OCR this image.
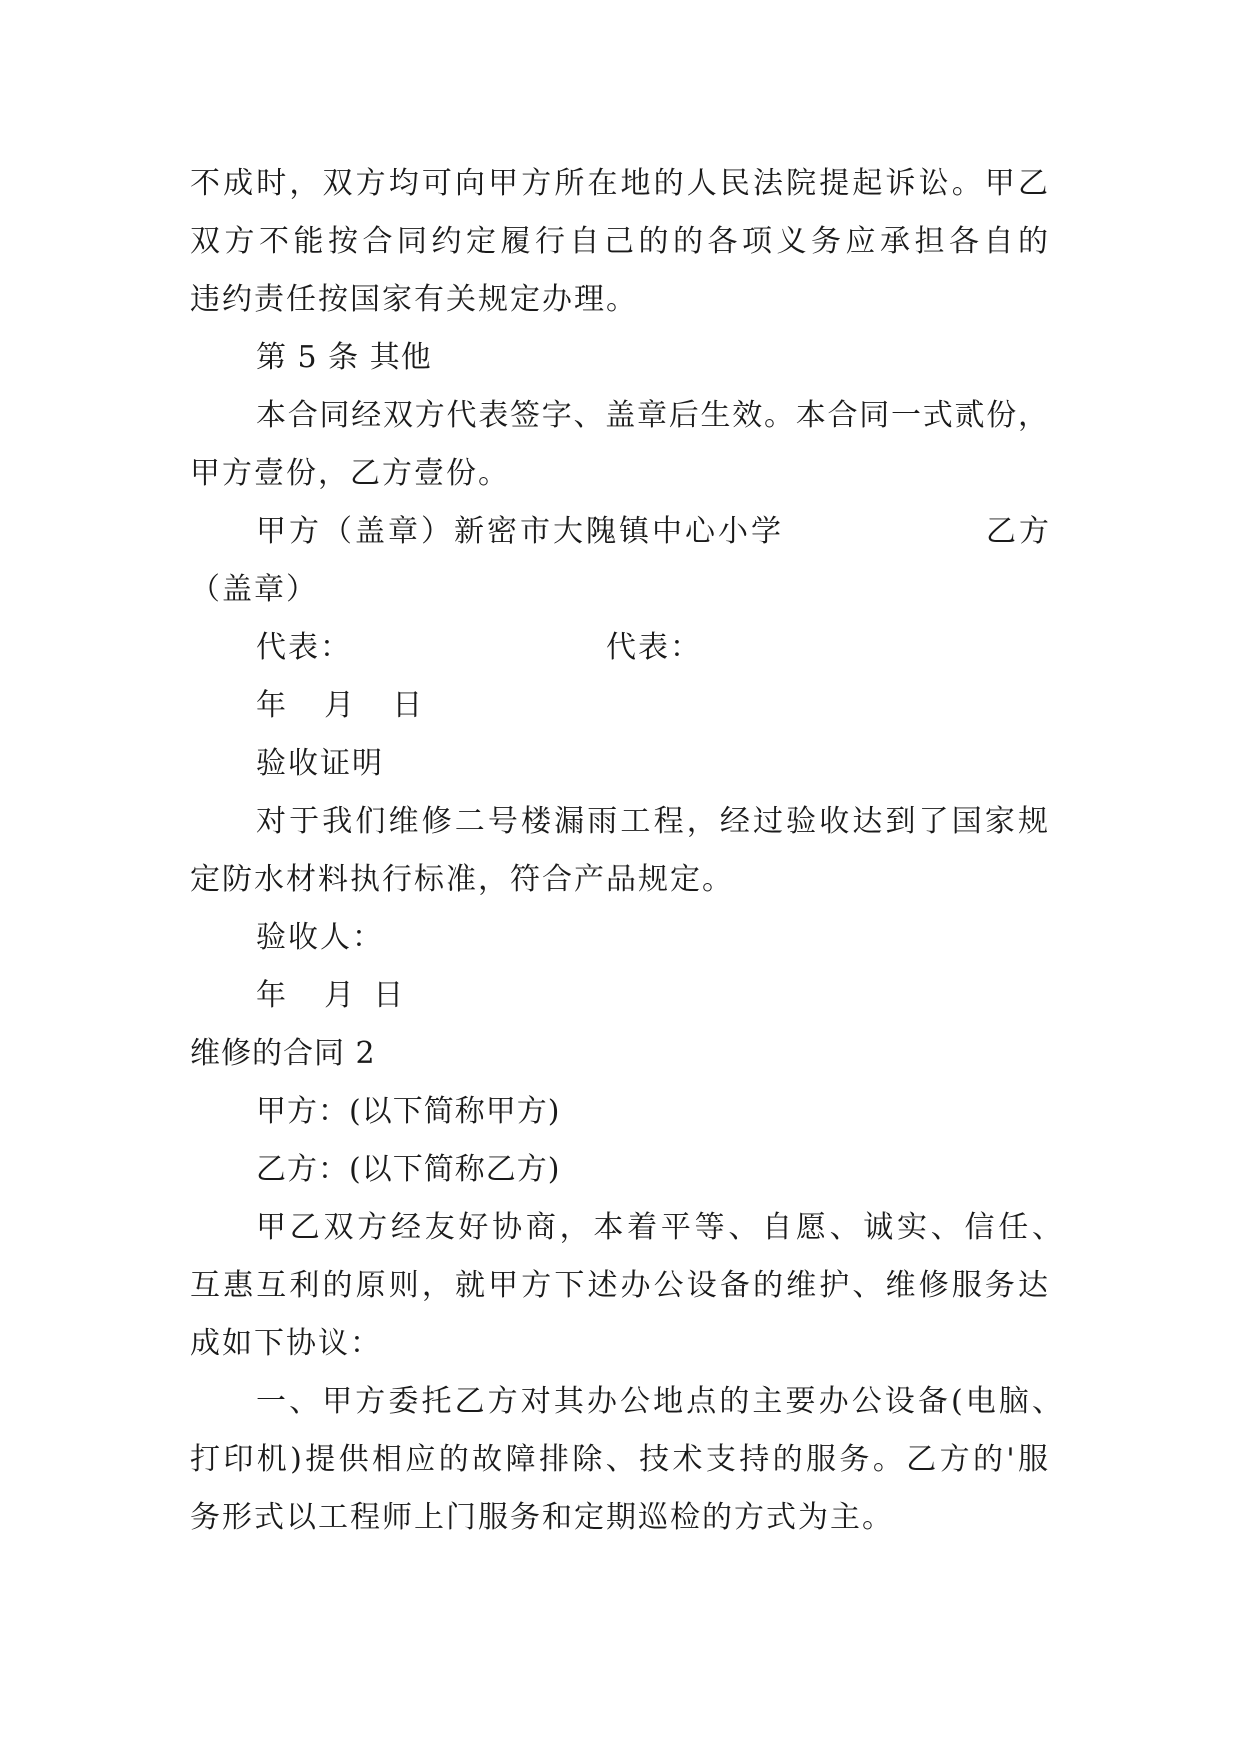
不成时，双方均可向甲方所在地的人民法院提起诉讼。甲乙
双方不能按合同约定履行自己的的各项义务应承担各自的
违约责任按国家有关规定办理。
第 5 条 其他
本合同经双方代表签字、盖章后生效。本合同一式贰份，
甲方壹份，乙方壹份。
甲方（盖章）新密市大隗镇中心小学	乙方
（盖章）
代表：	代表：
年    月    日
验收证明
对于我们维修二号楼漏雨工程，经过验收达到了国家规
定防水材料执行标准，符合产品规定。
验收人：
年    月  日
维修的合同 2
甲方：(以下简称甲方)
乙方：(以下简称乙方)
甲乙双方经友好协商，本着平等、自愿、诚实、信任、
互惠互利的原则，就甲方下述办公设备的维护、维修服务达
成如下协议：
一、甲方委托乙方对其办公地点的主要办公设备(电脑、
打印机)提供相应的故障排除、技术支持的服务。乙方的'服
务形式以工程师上门服务和定期巡检的方式为主。
